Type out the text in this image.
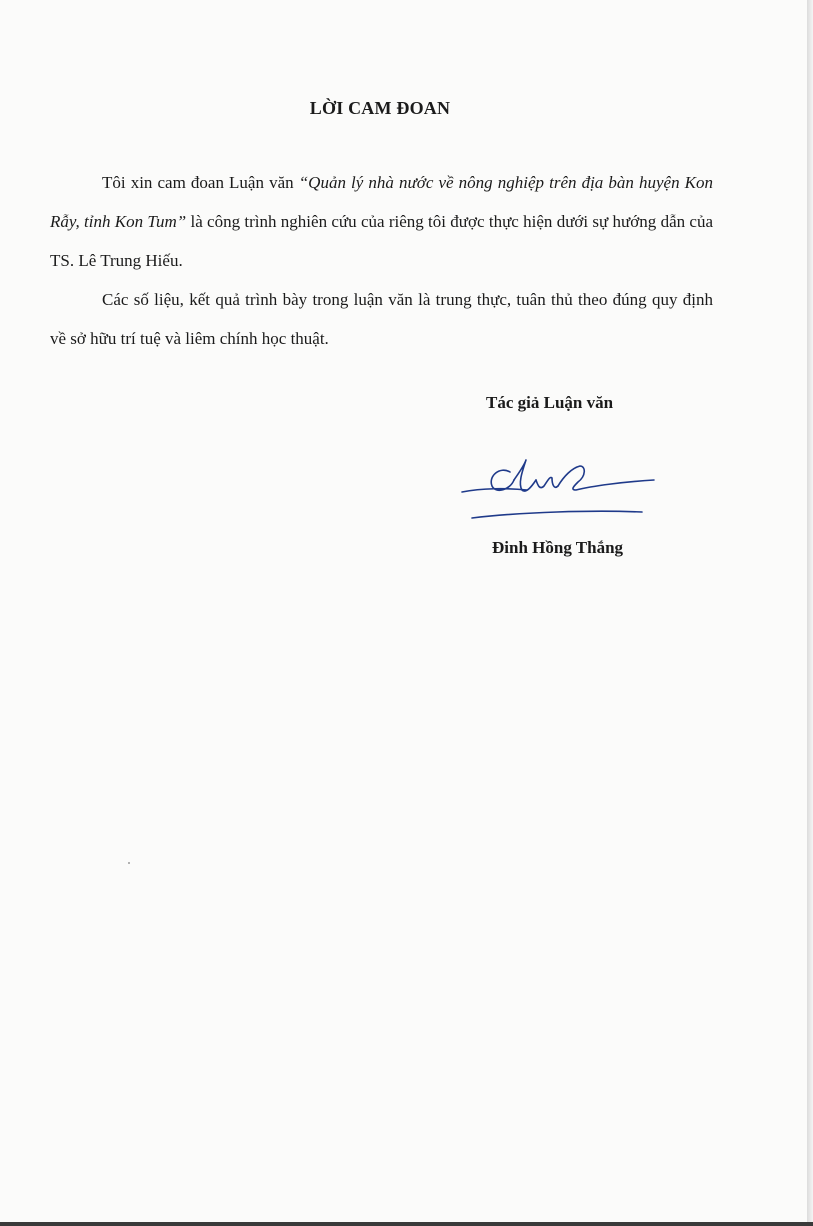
LỜI CAM ĐOAN
Tôi xin cam đoan Luận văn “Quản lý nhà nước về nông nghiệp trên địa bàn huyện Kon Rẫy, tỉnh Kon Tum” là công trình nghiên cứu của riêng tôi được thực hiện dưới sự hướng dẫn của TS. Lê Trung Hiếu.
Các số liệu, kết quả trình bày trong luận văn là trung thực, tuân thủ theo đúng quy định về sở hữu trí tuệ và liêm chính học thuật.
Tác giả Luận văn
Đinh Hồng Thắng
